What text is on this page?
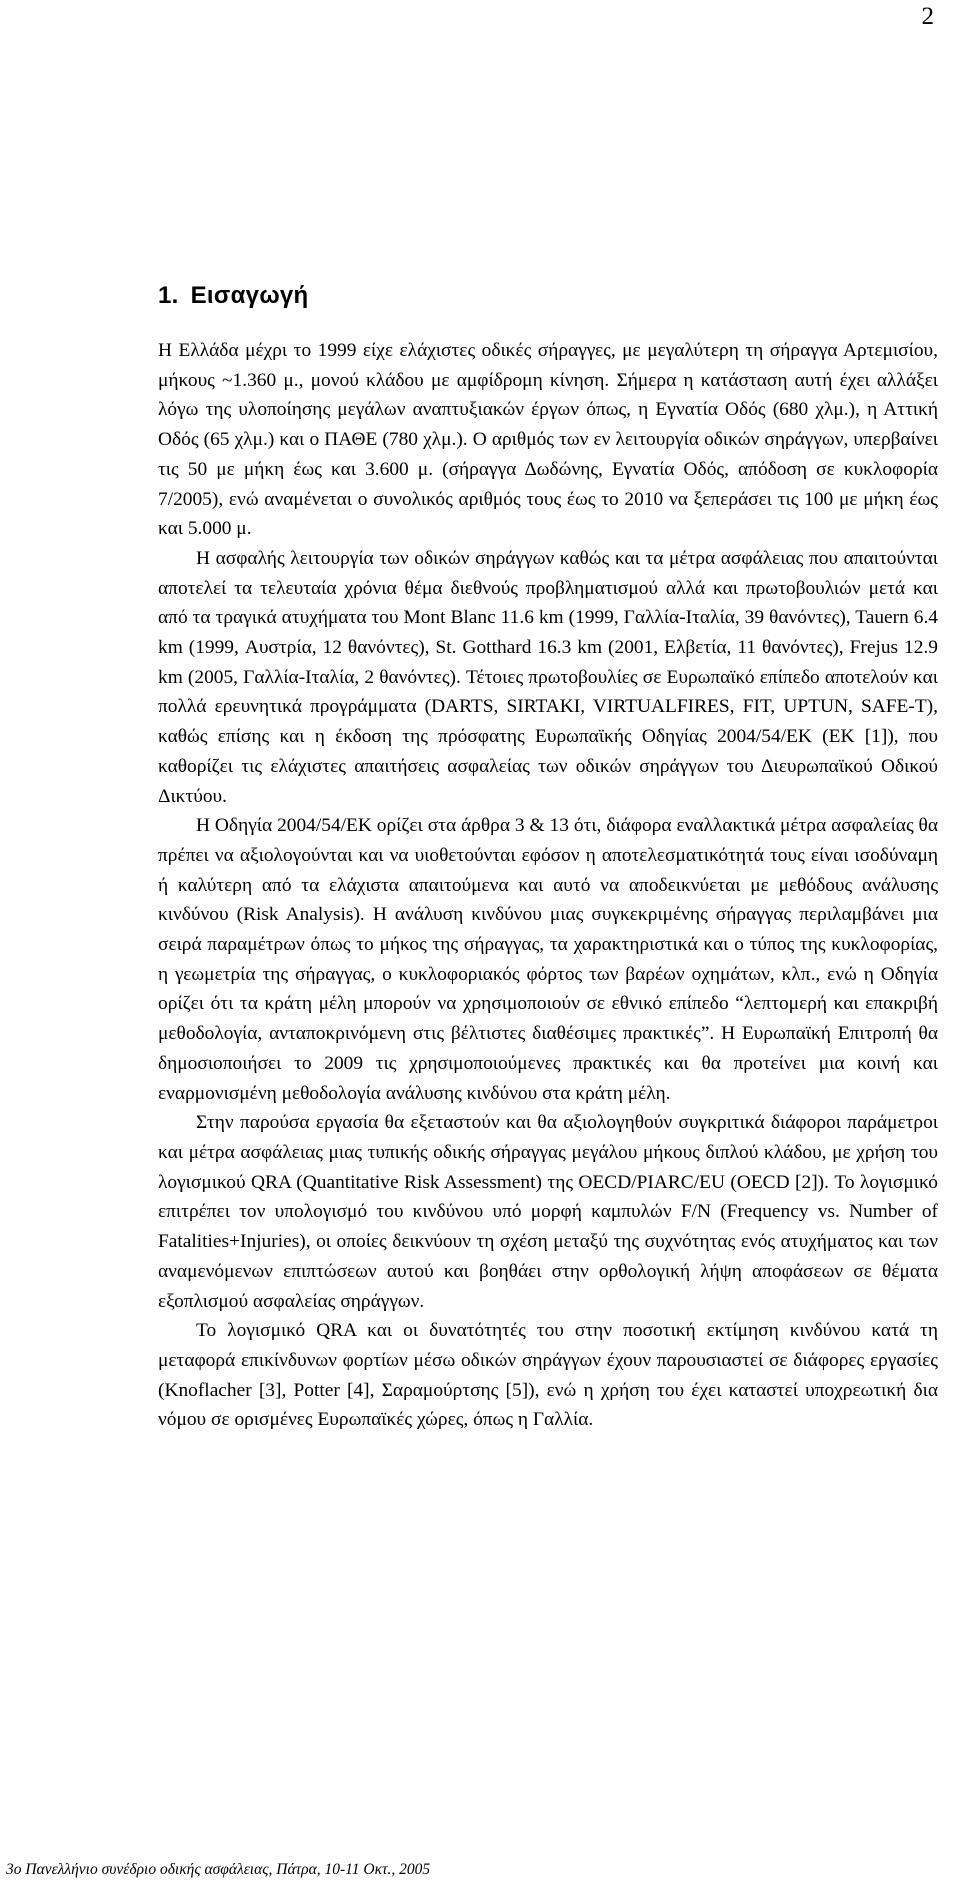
2
1. Εισαγωγή

Η Ελλάδα μέχρι το 1999 είχε ελάχιστες οδικές σήραγγες, με μεγαλύτερη τη σήραγγα Αρτεμισίου, μήκους ~1.360 μ., μονού κλάδου με αμφίδρομη κίνηση. Σήμερα η κατάσταση αυτή έχει αλλάξει λόγω της υλοποίησης μεγάλων αναπτυξιακών έργων όπως, η Εγνατία Οδός (680 χλμ.), η Αττική Οδός (65 χλμ.) και ο ΠΑΘΕ (780 χλμ.). Ο αριθμός των εν λειτουργία οδικών σηράγγων, υπερβαίνει τις 50 με μήκη έως και 3.600 μ. (σήραγγα Δωδώνης, Εγνατία Οδός, απόδοση σε κυκλοφορία 7/2005), ενώ αναμένεται ο συνολικός αριθμός τους έως το 2010 να ξεπεράσει τις 100 με μήκη έως και 5.000 μ.

Η ασφαλής λειτουργία των οδικών σηράγγων καθώς και τα μέτρα ασφάλειας που απαιτούνται αποτελεί τα τελευταία χρόνια θέμα διεθνούς προβληματισμού αλλά και πρωτοβουλιών μετά και από τα τραγικά ατυχήματα του Mont Blanc 11.6 km (1999, Γαλλία-Ιταλία, 39 θανόντες), Tauern 6.4 km (1999, Αυστρία, 12 θανόντες), St. Gotthard 16.3 km (2001, Ελβετία, 11 θανόντες), Frejus 12.9 km (2005, Γαλλία-Ιταλία, 2 θανόντες). Τέτοιες πρωτοβουλίες σε Ευρωπαϊκό επίπεδο αποτελούν και πολλά ερευνητικά προγράμματα (DARTS, SIRTAKI, VIRTUALFIRES, FIT, UPTUN, SAFE-T), καθώς επίσης και η έκδοση της πρόσφατης Ευρωπαϊκής Οδηγίας 2004/54/ΕΚ (ΕΚ [1]), που καθορίζει τις ελάχιστες απαιτήσεις ασφαλείας των οδικών σηράγγων του Διευρωπαϊκού Οδικού Δικτύου.

Η Οδηγία 2004/54/ΕΚ ορίζει στα άρθρα 3 & 13 ότι, διάφορα εναλλακτικά μέτρα ασφαλείας θα πρέπει να αξιολογούνται και να υιοθετούνται εφόσον η αποτελεσματικότητά τους είναι ισοδύναμη ή καλύτερη από τα ελάχιστα απαιτούμενα και αυτό να αποδεικνύεται με μεθόδους ανάλυσης κινδύνου (Risk Analysis). Η ανάλυση κινδύνου μιας συγκεκριμένης σήραγγας περιλαμβάνει μια σειρά παραμέτρων όπως το μήκος της σήραγγας, τα χαρακτηριστικά και ο τύπος της κυκλοφορίας, η γεωμετρία της σήραγγας, ο κυκλοφοριακός φόρτος των βαρέων οχημάτων, κλπ., ενώ η Οδηγία ορίζει ότι τα κράτη μέλη μπορούν να χρησιμοποιούν σε εθνικό επίπεδο “λεπτομερή και επακριβή μεθοδολογία, ανταποκρινόμενη στις βέλτιστες διαθέσιμες πρακτικές”. Η Ευρωπαϊκή Επιτροπή θα δημοσιοποιήσει το 2009 τις χρησιμοποιούμενες πρακτικές και θα προτείνει μια κοινή και εναρμονισμένη μεθοδολογία ανάλυσης κινδύνου στα κράτη μέλη.

Στην παρούσα εργασία θα εξεταστούν και θα αξιολογηθούν συγκριτικά διάφοροι παράμετροι και μέτρα ασφάλειας μιας τυπικής οδικής σήραγγας μεγάλου μήκους διπλού κλάδου, με χρήση του λογισμικού QRA (Quantitative Risk Assessment) της OECD/PIARC/EU (OECD [2]). Το λογισμικό επιτρέπει τον υπολογισμό του κινδύνου υπό μορφή καμπυλών F/N (Frequency vs. Number of Fatalities+Injuries), οι οποίες δεικνύουν τη σχέση μεταξύ της συχνότητας ενός ατυχήματος και των αναμενόμενων επιπτώσεων αυτού και βοηθάει στην ορθολογική λήψη αποφάσεων σε θέματα εξοπλισμού ασφαλείας σηράγγων.

Το λογισμικό QRA και οι δυνατότητές του στην ποσοτική εκτίμηση κινδύνου κατά τη μεταφορά επικίνδυνων φορτίων μέσω οδικών σηράγγων έχουν παρουσιαστεί σε διάφορες εργασίες (Knoflacher [3], Potter [4], Σαραμούρτσης [5]), ενώ η χρήση του έχει καταστεί υποχρεωτική δια νόμου σε ορισμένες Ευρωπαϊκές χώρες, όπως η Γαλλία.

3ο Πανελλήνιο συνέδριο οδικής ασφάλειας, Πάτρα, 10-11 Οκτ., 2005
